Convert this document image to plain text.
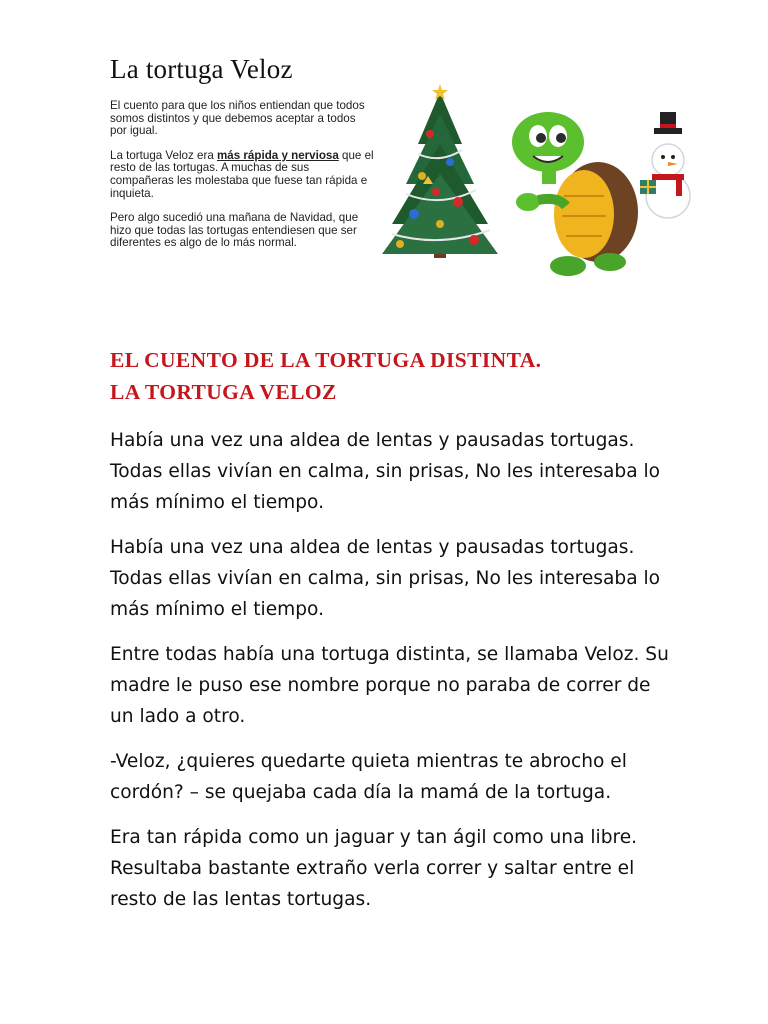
La tortuga Veloz

El cuento para que los niños entiendan que todos somos distintos y que debemos aceptar a todos por igual.

La tortuga Veloz era más rápida y nerviosa que el resto de las tortugas. A muchas de sus compañeras les molestaba que fuese tan rápida e inquieta.

Pero algo sucedió una mañana de Navidad, que hizo que todas las tortugas entendiesen que ser diferentes es algo de lo más normal.

EL CUENTO DE LA TORTUGA DISTINTA.
LA TORTUGA VELOZ

Había una vez una aldea de lentas y pausadas tortugas. Todas ellas vivían en calma, sin prisas, No les interesaba lo más mínimo el tiempo.

Había una vez una aldea de lentas y pausadas tortugas. Todas ellas vivían en calma, sin prisas, No les interesaba lo más mínimo el tiempo.

Entre todas había una tortuga distinta, se llamaba Veloz. Su madre le puso ese nombre porque no paraba de correr de un lado a otro.

-Veloz, ¿quieres quedarte quieta mientras te abrocho el cordón? – se quejaba cada día la mamá de la tortuga.

Era tan rápida como un jaguar y tan ágil como una libre. Resultaba bastante extraño verla correr y saltar entre el resto de las lentas tortugas.
